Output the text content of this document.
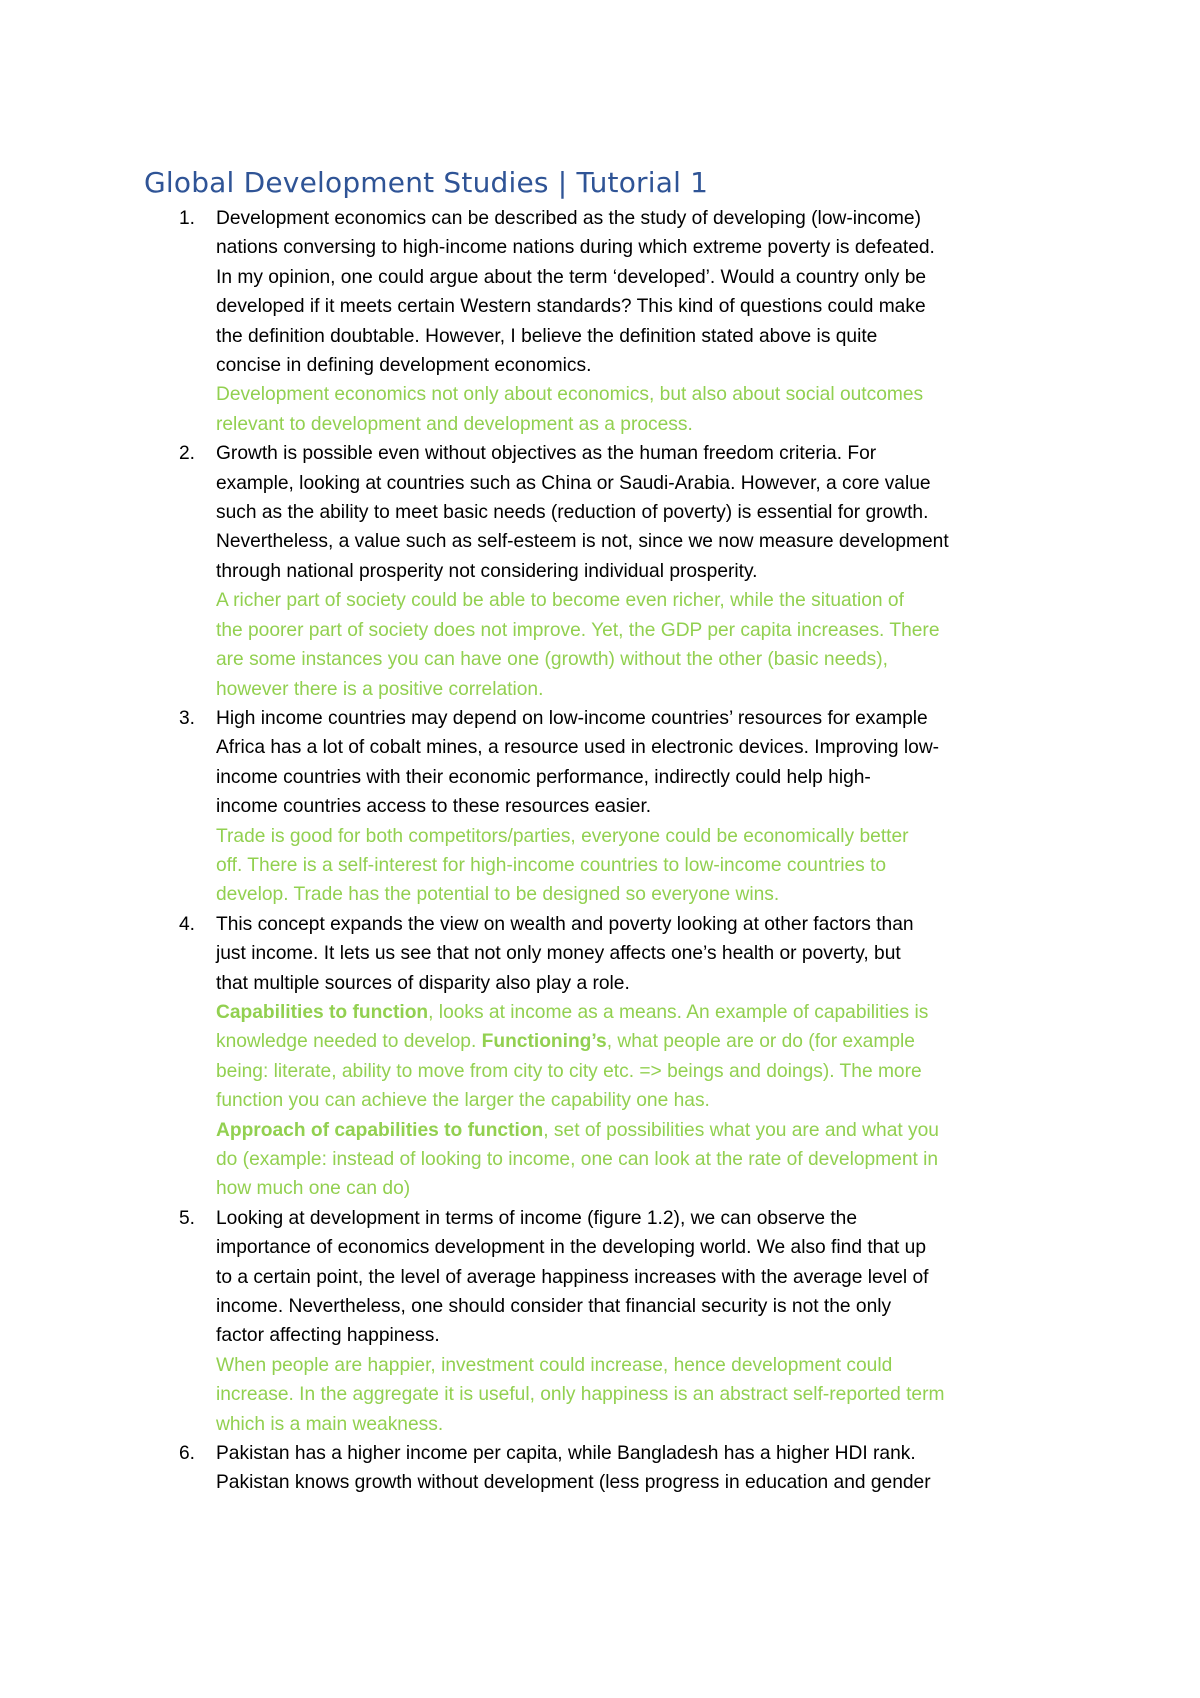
Global Development Studies | Tutorial 1
1. Development economics can be described as the study of developing (low-income)
nations conversing to high-income nations during which extreme poverty is defeated.
In my opinion, one could argue about the term ‘developed’. Would a country only be
developed if it meets certain Western standards? This kind of questions could make
the definition doubtable. However, I believe the definition stated above is quite
concise in defining development economics.
Development economics not only about economics, but also about social outcomes
relevant to development and development as a process.
2. Growth is possible even without objectives as the human freedom criteria. For
example, looking at countries such as China or Saudi-Arabia. However, a core value
such as the ability to meet basic needs (reduction of poverty) is essential for growth.
Nevertheless, a value such as self-esteem is not, since we now measure development
through national prosperity not considering individual prosperity.
A richer part of society could be able to become even richer, while the situation of
the poorer part of society does not improve. Yet, the GDP per capita increases. There
are some instances you can have one (growth) without the other (basic needs),
however there is a positive correlation.
3. High income countries may depend on low-income countries’ resources for example
Africa has a lot of cobalt mines, a resource used in electronic devices. Improving low-
income countries with their economic performance, indirectly could help high-
income countries access to these resources easier.
Trade is good for both competitors/parties, everyone could be economically better
off. There is a self-interest for high-income countries to low-income countries to
develop. Trade has the potential to be designed so everyone wins.
4. This concept expands the view on wealth and poverty looking at other factors than
just income. It lets us see that not only money affects one’s health or poverty, but
that multiple sources of disparity also play a role.
Capabilities to function, looks at income as a means. An example of capabilities is
knowledge needed to develop. Functioning’s, what people are or do (for example
being: literate, ability to move from city to city etc. => beings and doings). The more
function you can achieve the larger the capability one has.
Approach of capabilities to function, set of possibilities what you are and what you
do (example: instead of looking to income, one can look at the rate of development in
how much one can do)
5. Looking at development in terms of income (figure 1.2), we can observe the
importance of economics development in the developing world. We also find that up
to a certain point, the level of average happiness increases with the average level of
income. Nevertheless, one should consider that financial security is not the only
factor affecting happiness.
When people are happier, investment could increase, hence development could
increase. In the aggregate it is useful, only happiness is an abstract self-reported term
which is a main weakness.
6. Pakistan has a higher income per capita, while Bangladesh has a higher HDI rank.
Pakistan knows growth without development (less progress in education and gender
